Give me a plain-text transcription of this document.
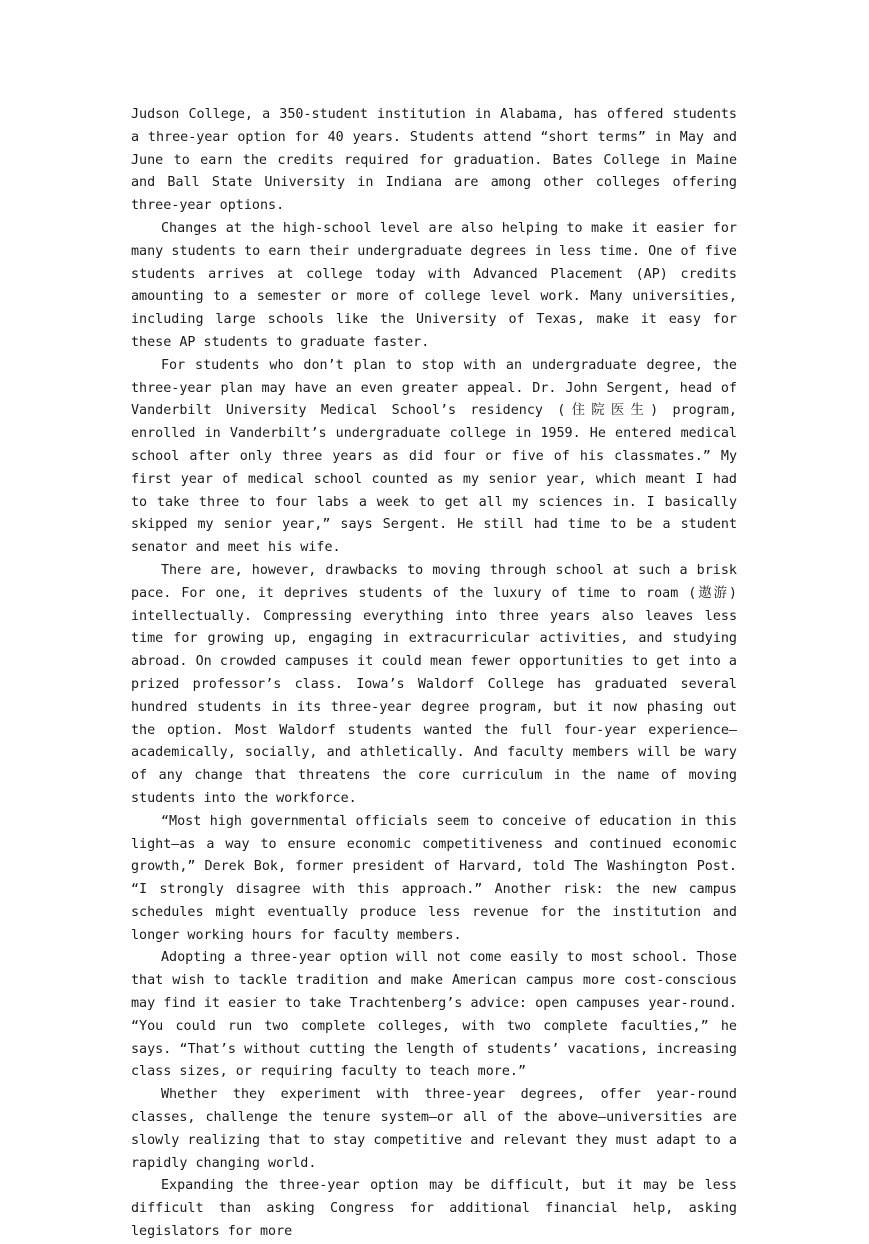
Judson College, a 350-student institution in Alabama, has offered students a three-year option for 40 years. Students attend “short terms” in May and June to earn the credits required for graduation. Bates College in Maine and Ball State University in Indiana are among other colleges offering three-year options.

Changes at the high-school level are also helping to make it easier for many students to earn their undergraduate degrees in less time. One of five students arrives at college today with Advanced Placement (AP) credits amounting to a semester or more of college level work. Many universities, including large schools like the University of Texas, make it easy for these AP students to graduate faster.

For students who don’t plan to stop with an undergraduate degree, the three-year plan may have an even greater appeal. Dr. John Sergent, head of Vanderbilt University Medical School’s residency (住院医生) program, enrolled in Vanderbilt’s undergraduate college in 1959. He entered medical school after only three years as did four or five of his classmates.” My first year of medical school counted as my senior year, which meant I had to take three to four labs a week to get all my sciences in. I basically skipped my senior year,” says Sergent. He still had time to be a student senator and meet his wife.

There are, however, drawbacks to moving through school at such a brisk pace. For one, it deprives students of the luxury of time to roam (遨游) intellectually. Compressing everything into three years also leaves less time for growing up, engaging in extracurricular activities, and studying abroad. On crowded campuses it could mean fewer opportunities to get into a prized professor’s class. Iowa’s Waldorf College has graduated several hundred students in its three-year degree program, but it now phasing out the option. Most Waldorf students wanted the full four-year experience—academically, socially, and athletically. And faculty members will be wary of any change that threatens the core curriculum in the name of moving students into the workforce.

“Most high governmental officials seem to conceive of education in this light—as a way to ensure economic competitiveness and continued economic growth,” Derek Bok, former president of Harvard, told The Washington Post. “I strongly disagree with this approach.” Another risk: the new campus schedules might eventually produce less revenue for the institution and longer working hours for faculty members.

Adopting a three-year option will not come easily to most school. Those that wish to tackle tradition and make American campus more cost-conscious may find it easier to take Trachtenberg’s advice: open campuses year-round. “You could run two complete colleges, with two complete faculties,” he says. “That’s without cutting the length of students’ vacations, increasing class sizes, or requiring faculty to teach more.”

Whether they experiment with three-year degrees, offer year-round classes, challenge the tenure system—or all of the above—universities are slowly realizing that to stay competitive and relevant they must adapt to a rapidly changing world.

Expanding the three-year option may be difficult, but it may be less difficult than asking Congress for additional financial help, asking legislators for more
